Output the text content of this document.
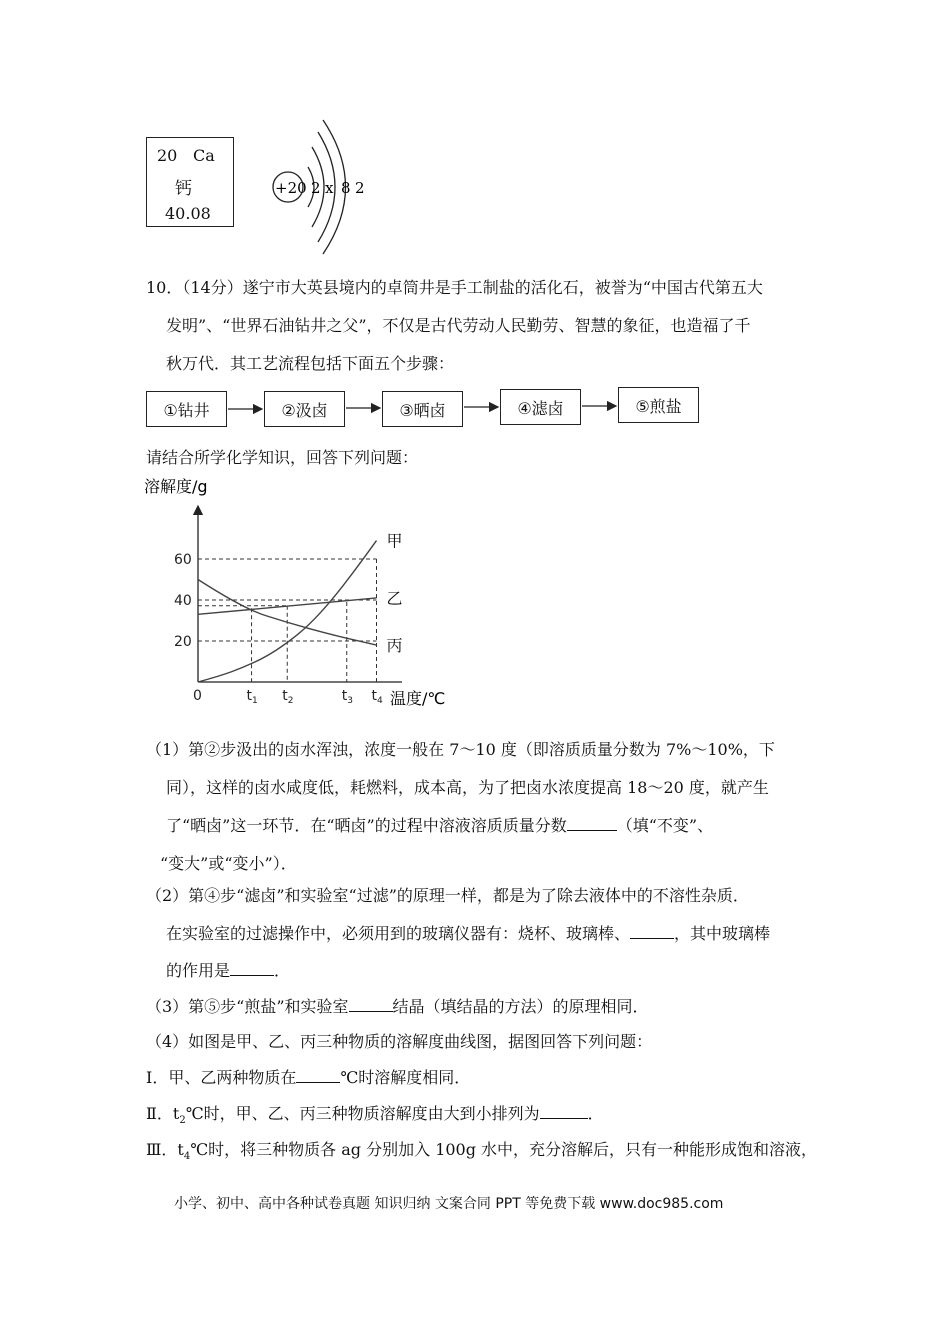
20 Ca
钙
40.08
+20 2 x 8 2
10．（14分）遂宁市大英县境内的卓筒井是手工制盐的活化石，被誉为“中国古代第五大
发明”、“世界石油钻井之父”，不仅是古代劳动人民勤劳、智慧的象征，也造福了千
秋万代．其工艺流程包括下面五个步骤：
①钻井	②汲卤	③晒卤	④滤卤	⑤煎盐
请结合所学化学知识，回答下列问题：
溶解度/g
温度/℃
20
40
60
0	$t_1$ $t_2$	$t_3$ $t_4$
甲
乙
丙
（1）第②步汲出的卤水浑浊，浓度一般在 7～10 度（即溶质质量分数为 7%～10%，下
同），这样的卤水咸度低，耗燃料，成本高，为了把卤水浓度提高 18～20 度，就产生
了“晒卤”这一环节．在“晒卤”的过程中溶液溶质质量分数	（填“不变”、
“变大”或“变小”）．
（2）第④步“滤卤”和实验室“过滤”的原理一样，都是为了除去液体中的不溶性杂质．
在实验室的过滤操作中，必须用到的玻璃仪器有：烧杯、玻璃棒、	，其中玻璃棒
的作用是	．
（3）第⑤步“煎盐”和实验室	结晶（填结晶的方法）的原理相同．
（4）如图是甲、乙、丙三种物质的溶解度曲线图，据图回答下列问题：
Ⅰ．甲、乙两种物质在	℃时溶解度相同．
Ⅱ．$t_2℃$时，甲、乙、丙三种物质溶解度由大到小排列为	．
Ⅲ．$t_4℃$时，将三种物质各 ag 分别加入 100g 水中，充分溶解后，只有一种能形成饱和溶液，
小学、初中、高中各种试卷真题 知识归纳 文案合同 PPT 等免费下载 www.doc985.com
